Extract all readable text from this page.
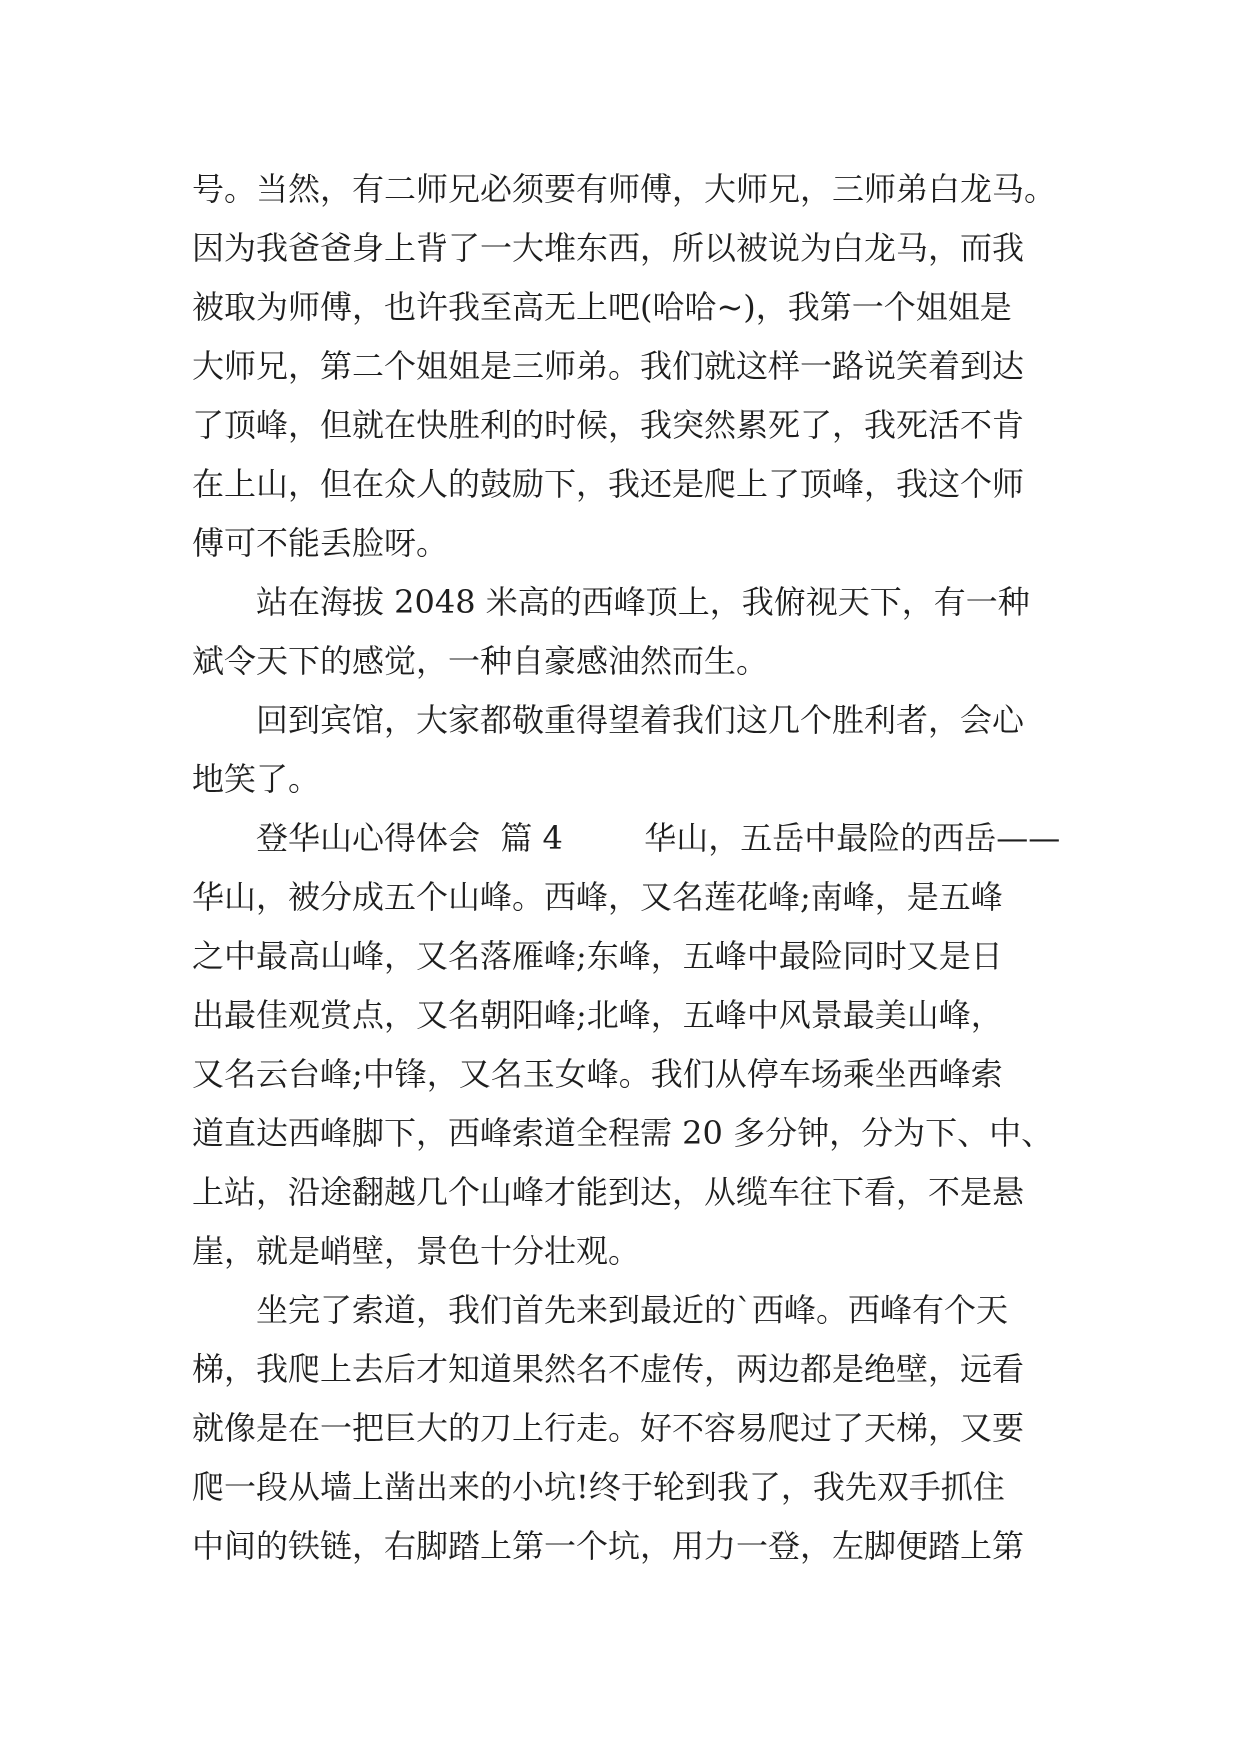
号。当然，有二师兄必须要有师傅，大师兄，三师弟白龙马。
因为我爸爸身上背了一大堆东西，所以被说为白龙马，而我
被取为师傅，也许我至高无上吧(哈哈~)，我第一个姐姐是
大师兄，第二个姐姐是三师弟。我们就这样一路说笑着到达
了顶峰，但就在快胜利的时候，我突然累死了，我死活不肯
在上山，但在众人的鼓励下，我还是爬上了顶峰，我这个师
傅可不能丢脸呀。
站在海拔 2048 米高的西峰顶上，我俯视天下，有一种
斌令天下的感觉，一种自豪感油然而生。
回到宾馆，大家都敬重得望着我们这几个胜利者，会心
地笑了。
登华山心得体会  篇 4        华山，五岳中最险的西岳——
华山，被分成五个山峰。西峰，又名莲花峰;南峰，是五峰
之中最高山峰，又名落雁峰;东峰，五峰中最险同时又是日
出最佳观赏点，又名朝阳峰;北峰，五峰中风景最美山峰，
又名云台峰;中锋，又名玉女峰。我们从停车场乘坐西峰索
道直达西峰脚下，西峰索道全程需 20 多分钟，分为下、中、
上站，沿途翻越几个山峰才能到达，从缆车往下看，不是悬
崖，就是峭壁，景色十分壮观。
坐完了索道，我们首先来到最近的`西峰。西峰有个天
梯，我爬上去后才知道果然名不虚传，两边都是绝壁，远看
就像是在一把巨大的刀上行走。好不容易爬过了天梯，又要
爬一段从墙上凿出来的小坑!终于轮到我了，我先双手抓住
中间的铁链，右脚踏上第一个坑，用力一登，左脚便踏上第
